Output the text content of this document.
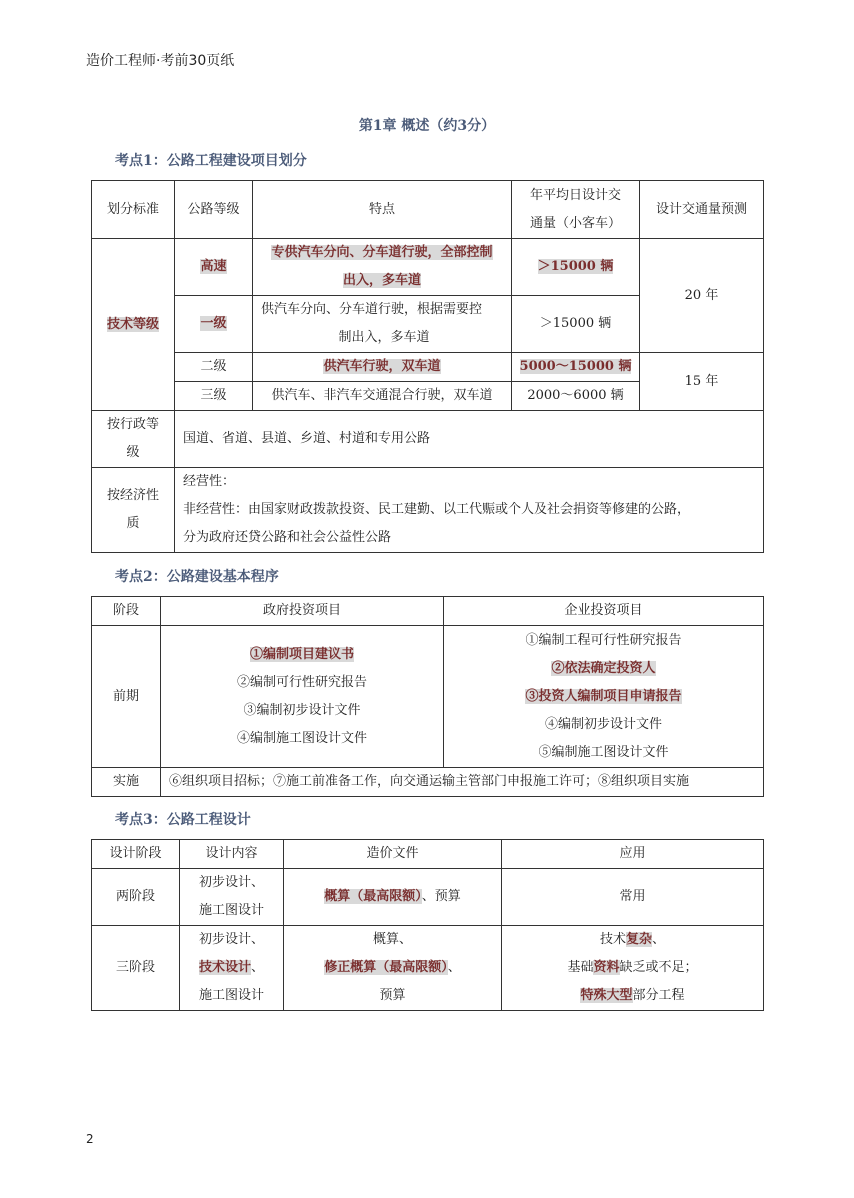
造价工程师·考前30页纸
第1章 概述（约3分）
考点1：公路工程建设项目划分
划分标准	公路等级	特点	年平均日设计交
通量（小客车）	设计交通量预测
技术等级	高速	专供汽车分向、分车道行驶，全部控制
出入，多车道	＞15000 辆	20 年
	一级	供汽车分向、分车道行驶，根据需要控
制出入，多车道	＞15000 辆	
	二级	供汽车行驶，双车道	5000～15000 辆	15 年
	三级	供汽车、非汽车交通混合行驶，双车道	2000～6000 辆	

按行政等
级	国道、省道、县道、乡道、村道和专用公路			

按经济性
质	经营性：
非经营性：由国家财政拨款投资、民工建勤、以工代赈或个人及社会捐资等修建的公路，
分为政府还贷公路和社会公益性公路			
考点2：公路建设基本程序
阶段	政府投资项目	企业投资项目
前期	①编制项目建议书
②编制可行性研究报告
③编制初步设计文件
④编制施工图设计文件	①编制工程可行性研究报告
②依法确定投资人
③投资人编制项目申请报告
④编制初步设计文件
⑤编制施工图设计文件

实施	⑥组织项目招标；⑦施工前准备工作，向交通运输主管部门申报施工许可；⑧组织项目实施	
考点3：公路工程设计
设计阶段	设计内容	造价文件	应用
两阶段	初步设计、
施工图设计	概算（最高限额）、预算	常用
三阶段	初步设计、
技术设计、
施工图设计	概算、
修正概算（最高限额）、
预算	技术复杂、
基础资料缺乏或不足；
特殊大型部分工程
2
